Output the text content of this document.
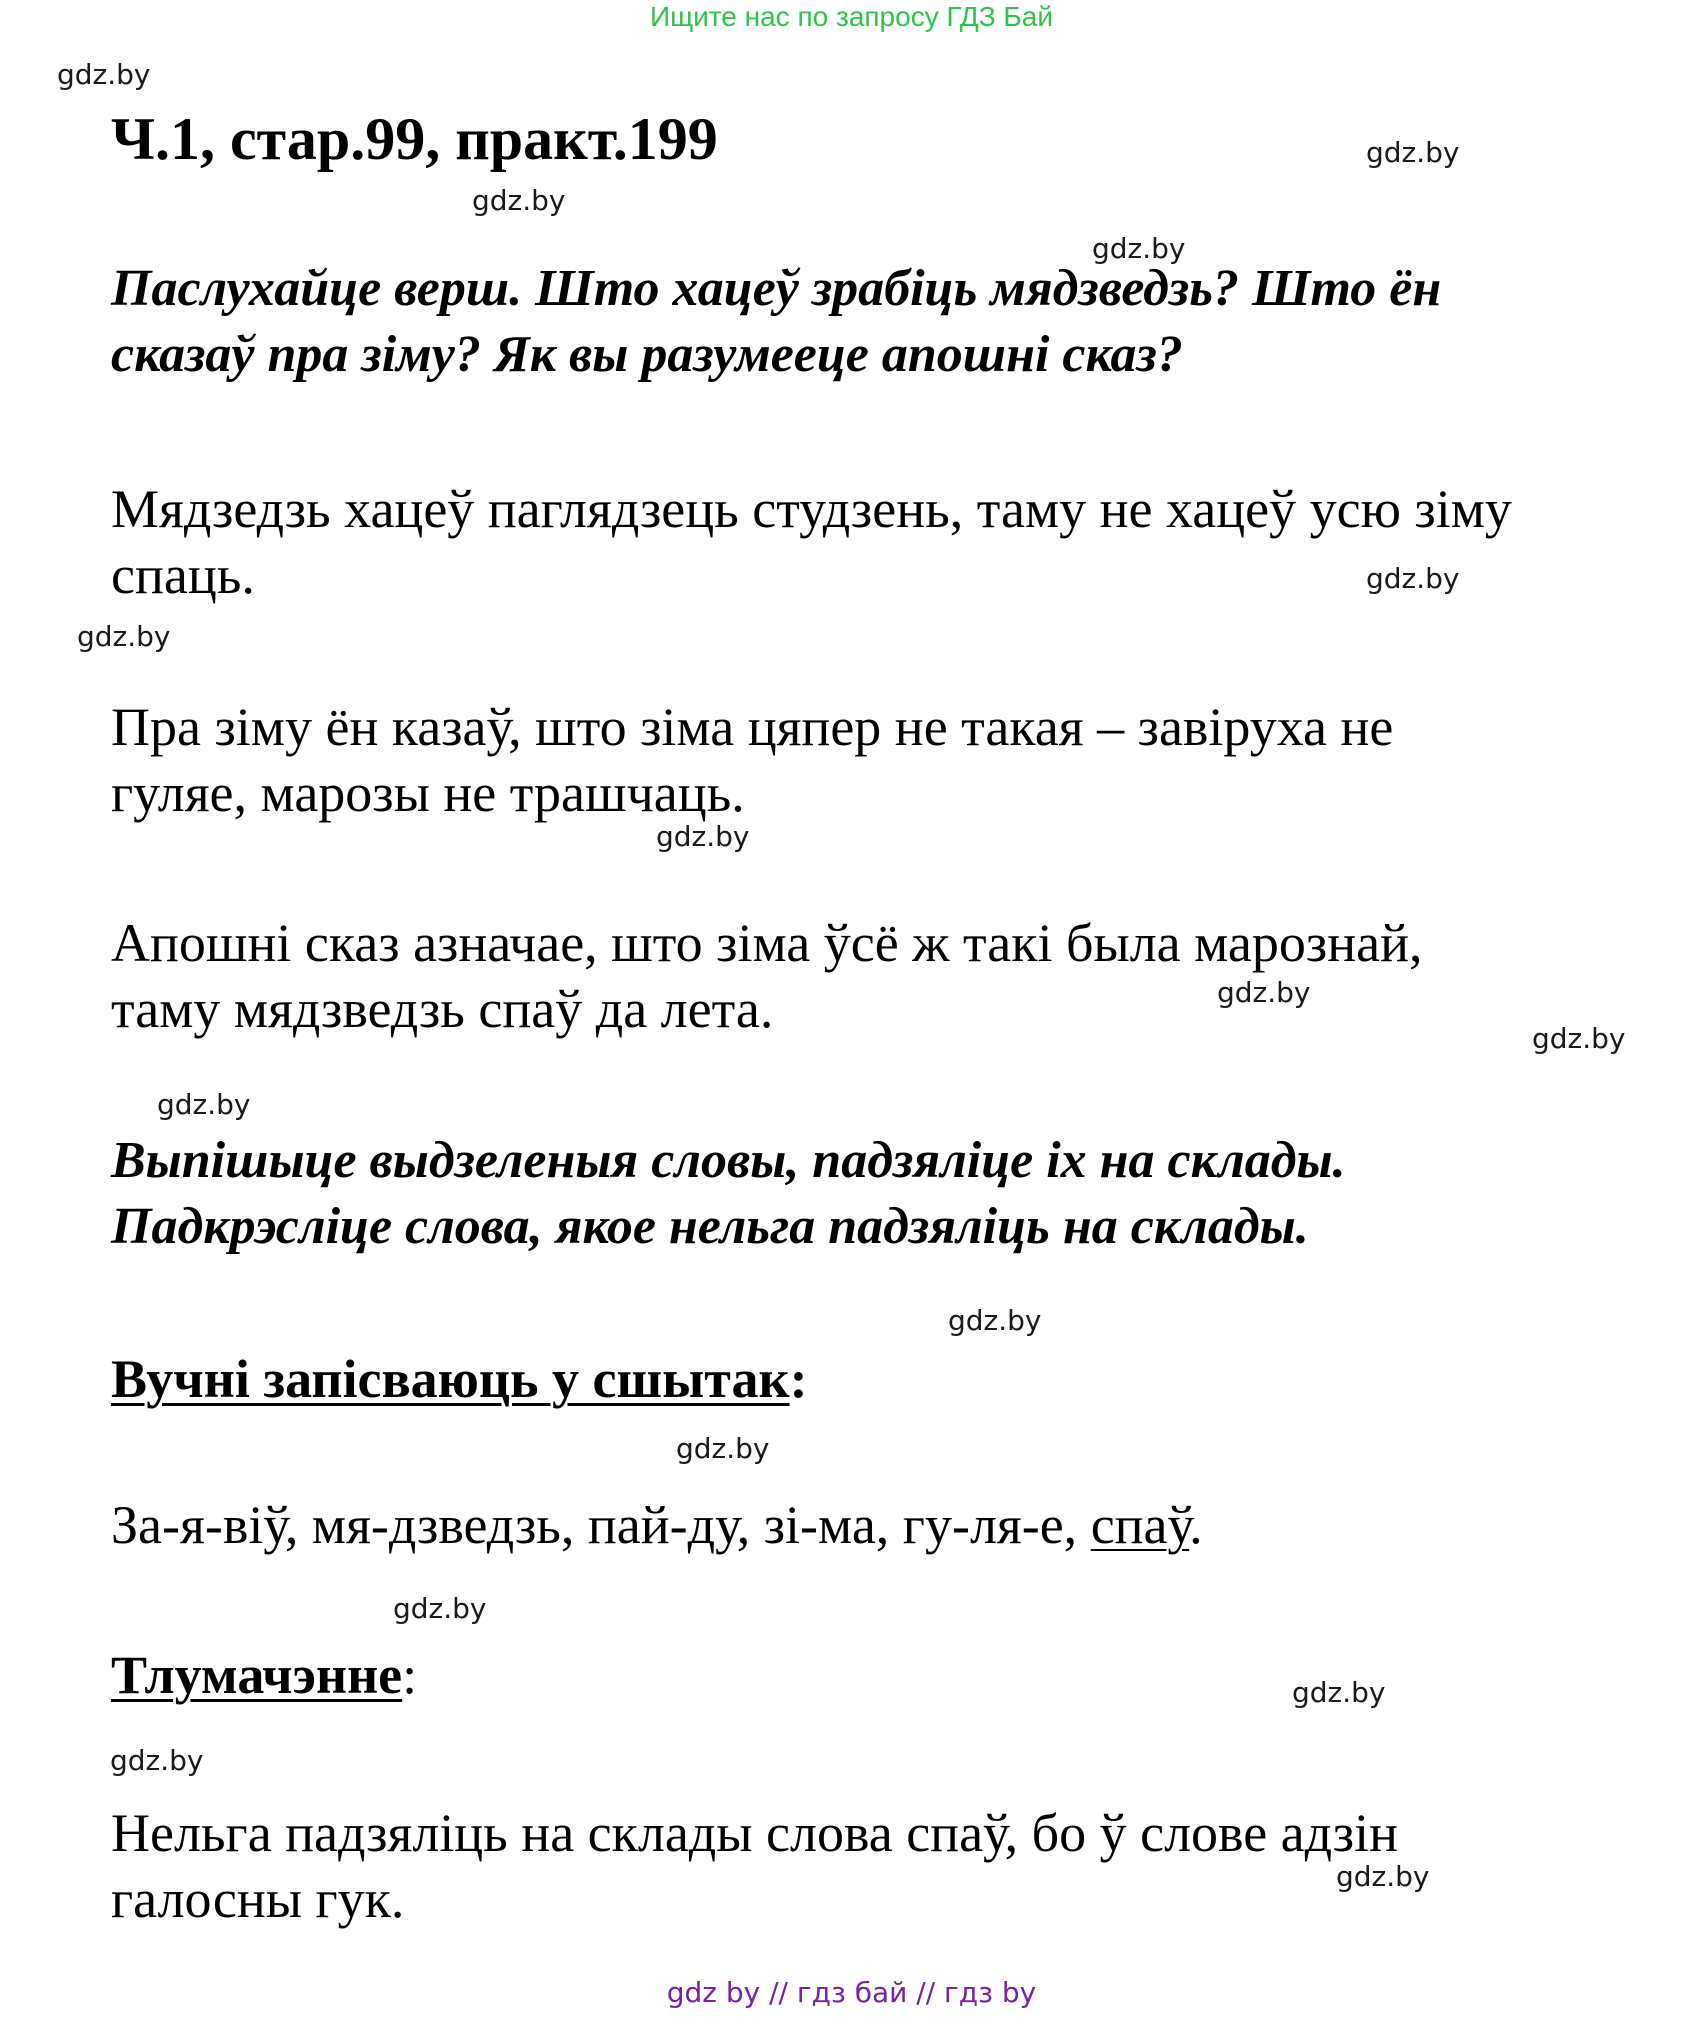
Ищите нас по запросу ГДЗ Бай
gdz.by
gdz.by
gdz.by
gdz.by
gdz.by
gdz.by
gdz.by
gdz.by
gdz.by
gdz.by
gdz.by
gdz.by
gdz.by
gdz.by
gdz.by
gdz.by
Ч.1, стар.99, практ.199
Паслухайце верш. Што хацеў зрабіць мядзведзь? Што ён
сказаў пра зіму? Як вы разумееце апошні сказ?
Мядзедзь хацеў паглядзець студзень, таму не хацеў усю зіму
спаць.
Пра зіму ён казаў, што зіма цяпер не такая – завіруха не
гуляе, марозы не трашчаць.
Апошні сказ азначае, што зіма ўсё ж такі была марознай,
таму мядзведзь спаў да лета.
Выпішыце выдзеленыя словы, падзяліце іх на склады.
Падкрэсліце слова, якое нельга падзяліць на склады.
Вучні запісваюць у сшытак:
За-я-віў, мя-дзведзь, пай-ду, зі-ма, гу-ля-е, спаў.
Тлумачэнне:
Нельга падзяліць на склады слова спаў, бо ў слове адзін
галосны гук.
gdz by // гдз бай // гдз by
